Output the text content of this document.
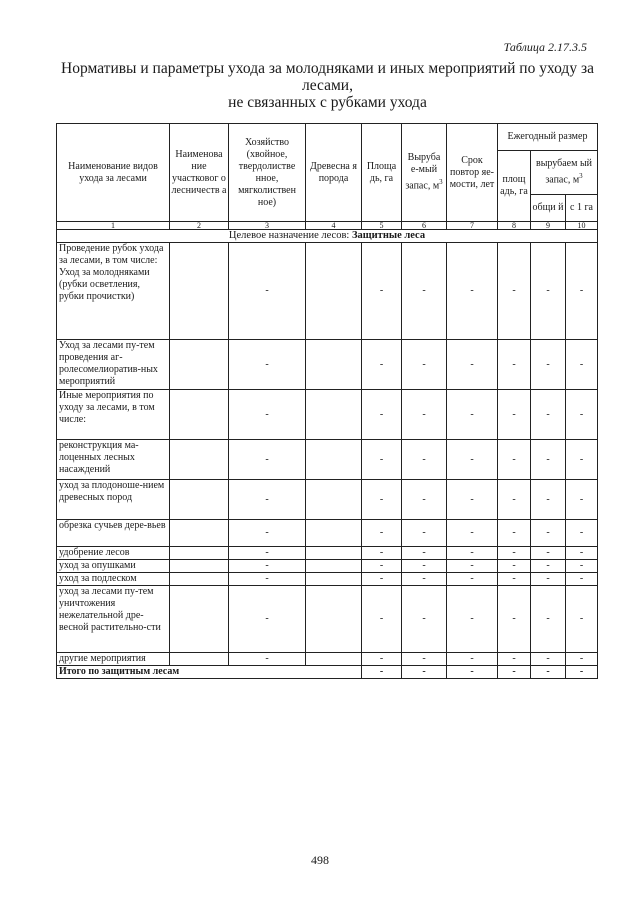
Таблица 2.17.3.5
Нормативы и параметры ухода за молодняками и иных мероприятий по уходу за
лесами,
не связанных с рубками ухода
Наименование видов ухода за лесами	Наименова ние участковог о лесничеств а	Хозяйство (хвойное, твердолистве нное, мягколиствен ное)	Древесна я порода	Площа дь, га	Выруба е-мый запас, $м^3$	Срок повтор яе-мости, лет	Ежегодный размер		
							площ адь, га	вырубаем ый запас, $м^3$
								общи й	с 1 га
1	2	3	4	5	6	7	8	9	10
Целевое назначение лесов: Защитные леса									
Проведение рубок ухода за лесами, в том числе: Уход за молодняками (рубки осветления, рубки прочистки)		-		-	-	-	-	-	-
Уход за лесами пу-тем проведения аг-ролесомелиоратив-ных мероприятий		-		-	-	-	-	-	-
Иные мероприятия по уходу за лесами, в том числе:		-		-	-	-	-	-	-
реконструкция ма-лоценных лесных насаждений		-		-	-	-	-	-	-
уход за плодоноше-нием древесных пород		-		-	-	-	-	-	-
обрезка сучьев дере-вьев		-		-	-	-	-	-	-
удобрение лесов		-		-	-	-	-	-	-
уход за опушками		-		-	-	-	-	-	-
уход за подлеском		-		-	-	-	-	-	-
уход за лесами пу-тем уничтожения нежелательной дре-весной растительно-сти		-		-	-	-	-	-	-
другие мероприятия		-		-	-	-	-	-	-
Итого по защитным лесам				-	-	-	-	-	-
498
